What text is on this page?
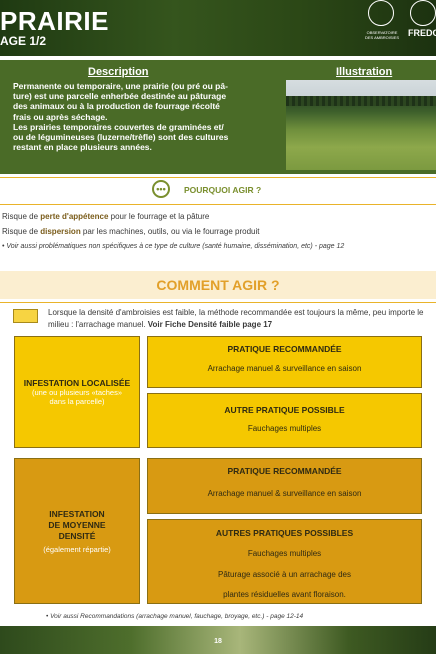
PRAIRIE
AGE 1/2
OBSERVATOIRE DES AMBROISIES	FREDO
Description	Illustration
Permanente ou temporaire, une prairie (ou pré ou pâ-
ture) est une parcelle enherbée destinée au pâturage
des animaux ou à la production de fourrage récolté
frais ou après séchage.
Les prairies temporaires couvertes de graminées et/
ou de légumineuses (luzerne/trèfle) sont des cultures
restant en place plusieurs années.
•••	POURQUOI AGIR ?
Risque de perte d'appétence pour le fourrage et la pâture
Risque de dispersion par les machines, outils, ou via le fourrage produit
• Voir aussi problématiques non spécifiques à ce type de culture (santé humaine, dissémination, etc) - page 12
COMMENT AGIR ?
Lorsque la densité d'ambroisies est faible, la méthode recommandée est toujours la même, peu importe le milieu : l'arrachage manuel. Voir Fiche Densité faible page 17
INFESTATION LOCALISÉE
(une ou plusieurs «taches»
dans la parcelle)
PRATIQUE RECOMMANDÉE
Arrachage manuel & surveillance en saison
AUTRE PRATIQUE POSSIBLE
Fauchages multiples
INFESTATION
DE MOYENNE
DENSITÉ
(également répartie)
PRATIQUE RECOMMANDÉE
Arrachage manuel & surveillance en saison
AUTRES PRATIQUES POSSIBLES
Fauchages multiples
Pâturage associé à un arrachage des
plantes résiduelles avant floraison.
• Voir aussi Recommandations (arrachage manuel, fauchage, broyage, etc.) - page 12-14
18
